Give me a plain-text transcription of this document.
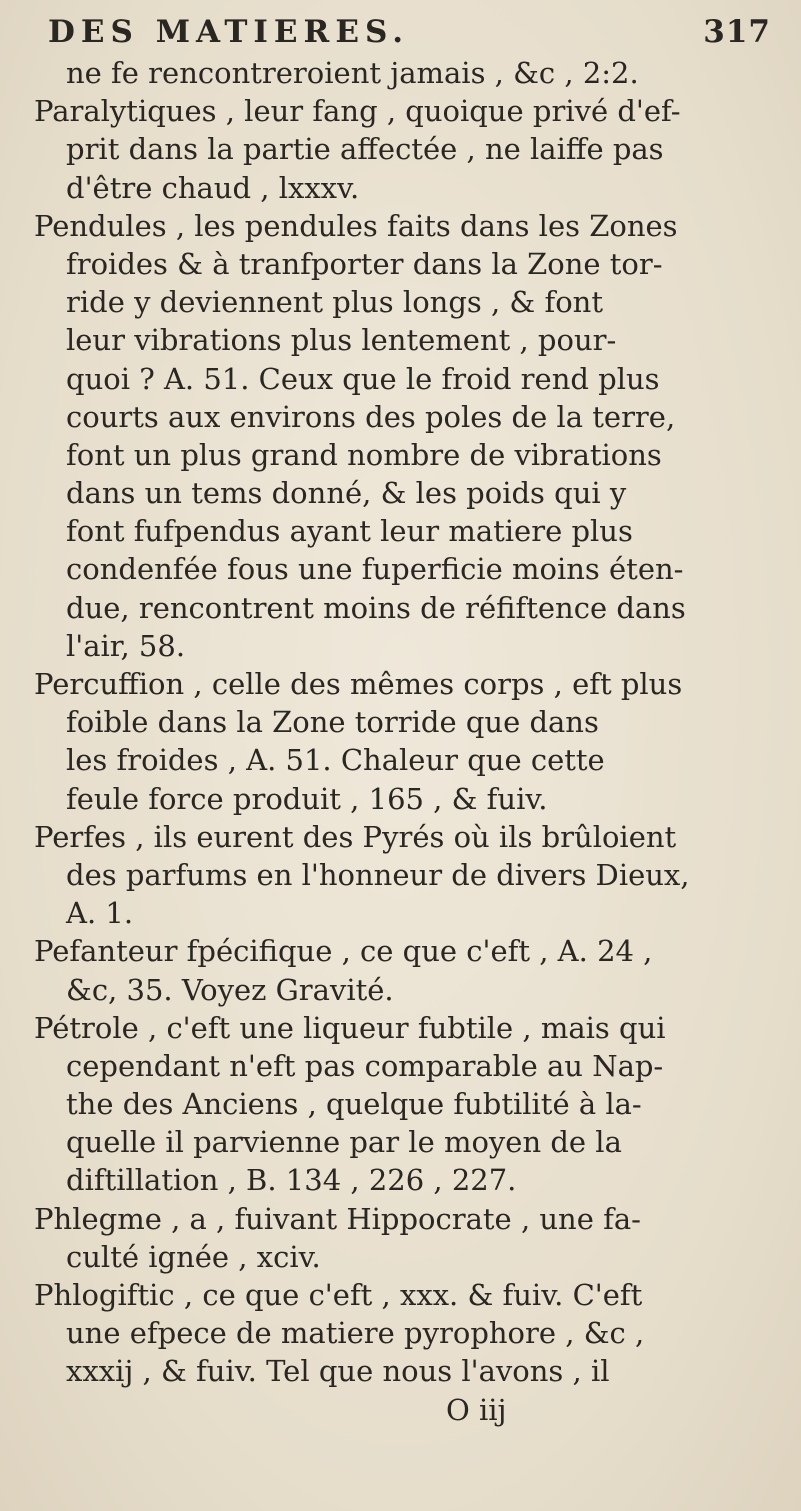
DES MATIERES.	317
ne fe rencontreroient jamais , &c , 2:2.
Paralytiques , leur fang , quoique privé d'ef-
prit dans la partie affectée , ne laiffe pas
d'être chaud , lxxxv.
Pendules , les pendules faits dans les Zones
froides & à tranfporter dans la Zone tor-
ride y deviennent plus longs , & font
leur vibrations plus lentement , pour-
quoi ? A. 51. Ceux que le froid rend plus
courts aux environs des poles de la terre,
font un plus grand nombre de vibrations
dans un tems donné, & les poids qui y
font fufpendus ayant leur matiere plus
condenfée fous une fuperficie moins éten-
due, rencontrent moins de réfiftence dans
l'air, 58.
Percuffion , celle des mêmes corps , eft plus
foible dans la Zone torride que dans
les froides , A. 51. Chaleur que cette
feule force produit , 165 , & fuiv.
Perfes , ils eurent des Pyrés où ils brûloient
des parfums en l'honneur de divers Dieux,
A. 1.
Pefanteur fpécifique , ce que c'eft , A. 24 ,
&c, 35. Voyez Gravité.
Pétrole , c'eft une liqueur fubtile , mais qui
cependant n'eft pas comparable au Nap-
the des Anciens , quelque fubtilité à la-
quelle il parvienne par le moyen de la
diftillation , B. 134 , 226 , 227.
Phlegme , a , fuivant Hippocrate , une fa-
culté ignée , xciv.
Phlogiftic , ce que c'eft , xxx. & fuiv. C'eft
une efpece de matiere pyrophore , &c ,
xxxij , & fuiv. Tel que nous l'avons , il
O iij
